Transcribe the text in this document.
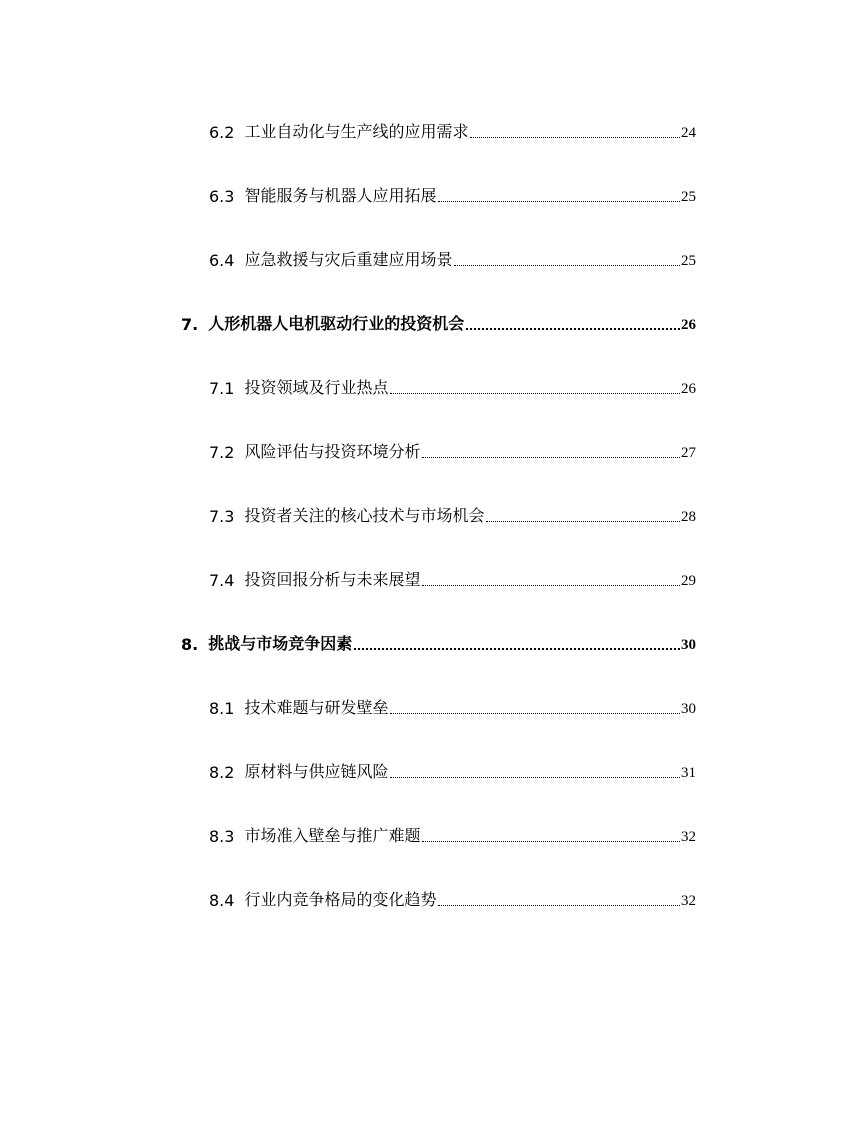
6.2 工业自动化与生产线的应用需求	24
6.3 智能服务与机器人应用拓展	25
6.4 应急救援与灾后重建应用场景	25
7. 人形机器人电机驱动行业的投资机会	26
7.1 投资领域及行业热点	26
7.2 风险评估与投资环境分析	27
7.3 投资者关注的核心技术与市场机会	28
7.4 投资回报分析与未来展望	29
8. 挑战与市场竞争因素	30
8.1 技术难题与研发壁垒	30
8.2 原材料与供应链风险	31
8.3 市场准入壁垒与推广难题	32
8.4 行业内竞争格局的变化趋势	32
